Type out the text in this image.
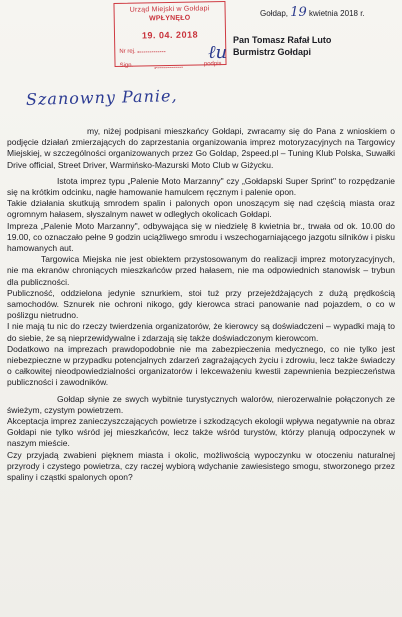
Urząd Miejski w Gołdapi
WPŁYNĘŁO
19. 04. 2018
Nr rej.
Sign.	podpis
ℓu
Gołdap, 19 kwietnia 2018 r.
Pan Tomasz Rafał Luto
Burmistrz Gołdapi
Szanowny Panie,

my, niżej podpisani mieszkańcy Gołdapi, zwracamy się do Pana z wnioskiem o podjęcie działań zmierzających do zaprzestania organizowania imprez motoryzacyjnych na Targowicy Miejskiej, w szczególności organizowanych przez Go Goldap, 2speed.pl – Tuning Klub Polska, Suwałki Drive official, Street Driver, Warmińsko-Mazurski Moto Club w Giżycku.

Istota imprez typu „Palenie Moto Marzanny" czy „Gołdapski Super Sprint" to rozpędzanie się na krótkim odcinku, nagłe hamowanie hamulcem ręcznym i palenie opon.

Takie działania skutkują smrodem spalin i palonych opon unoszącym się nad częścią miasta oraz ogromnym hałasem, słyszalnym nawet w odległych okolicach Gołdapi.

Impreza „Palenie Moto Marzanny", odbywająca się w niedzielę 8 kwietnia br., trwała od ok. 10.00 do 19.00, co oznaczało pełne 9 godzin uciążliwego smrodu i wszechogarniającego jazgotu silników i pisku hamowanych aut.

Targowica Miejska nie jest obiektem przystosowanym do realizacji imprez motoryzacyjnych, nie ma ekranów chroniących mieszkańców przed hałasem, nie ma odpowiednich stanowisk – trybun dla publiczności.

Publiczność, oddzielona jedynie sznurkiem, stoi tuż przy przejeżdżających z dużą prędkością samochodów. Sznurek nie ochroni nikogo, gdy kierowca straci panowanie nad pojazdem, o co w poślizgu nietrudno.

I nie mają tu nic do rzeczy twierdzenia organizatorów, że kierowcy są doświadczeni – wypadki mają to do siebie, że są nieprzewidywalne i zdarzają się także doświadczonym kierowcom.

Dodatkowo na imprezach prawdopodobnie nie ma zabezpieczenia medycznego, co nie tylko jest niebezpieczne w przypadku potencjalnych zdarzeń zagrażających życiu i zdrowiu, lecz także świadczy o całkowitej nieodpowiedzialności organizatorów i lekceważeniu kwestii zapewnienia bezpieczeństwa publiczności i zawodników.

Gołdap słynie ze swych wybitnie turystycznych walorów, nierozerwalnie połączonych ze świeżym, czystym powietrzem.

Akceptacja imprez zanieczyszczających powietrze i szkodzących ekologii wpływa negatywnie na obraz Gołdapi nie tylko wśród jej mieszkańców, lecz także wśród turystów, którzy planują odpoczynek w naszym mieście.

Czy przyjadą zwabieni pięknem miasta i okolic, możliwością wypoczynku w otoczeniu naturalnej przyrody i czystego powietrza, czy raczej wybiorą wdychanie zawiesistego smogu, stworzonego przez spaliny i cząstki spalonych opon?
